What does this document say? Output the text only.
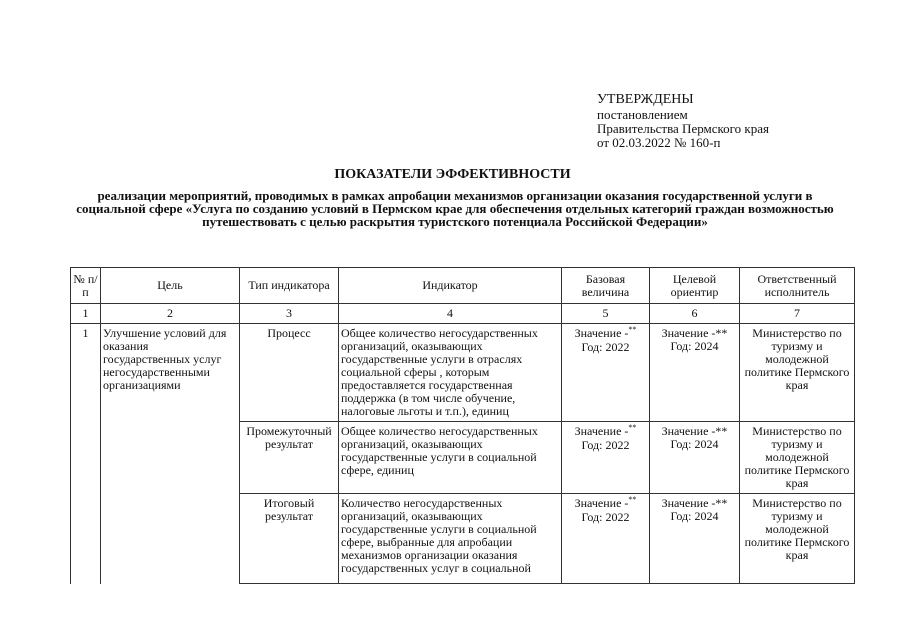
УТВЕРЖДЕНЫ
постановлением
Правительства Пермского края
от 02.03.2022 № 160-п
ПОКАЗАТЕЛИ ЭФФЕКТИВНОСТИ
реализации мероприятий, проводимых в рамках апробации механизмов организации оказания государственной услуги в социальной сфере «Услуга по созданию условий в Пермском крае для обеспечения отдельных категорий граждан возможностью путешествовать с целью раскрытия туристского потенциала Российской Федерации»
№ п/п	Цель	Тип индикатора	Индикатор	Базовая величина	Целевой ориентир	Ответственный исполнитель
1	2	3	4	5	6	7
1	Улучшение условий для оказания государственных услуг негосударственными организациями	Процесс	Общее количество негосударственных организаций, оказывающих государственные услуги в отраслях социальной сферы , которым предоставляется государственная поддержка (в том числе обучение, налоговые льготы и т.п.), единиц	Значение -**
Год: 2022	Значение -**
Год: 2024	Министерство по туризму и молодежной политике Пермского края
		Промежуточный результат	Общее количество негосударственных организаций, оказывающих государственные услуги в социальной сфере, единиц	Значение -**
Год: 2022	Значение -**
Год: 2024	Министерство по туризму и молодежной политике Пермского края
		Итоговый результат	Количество негосударственных организаций, оказывающих государственные услуги в социальной сфере, выбранные для апробации механизмов организации оказания государственных услуг в социальной	Значение -**
Год: 2022	Значение -**
Год: 2024	Министерство по туризму и молодежной политике Пермского края
